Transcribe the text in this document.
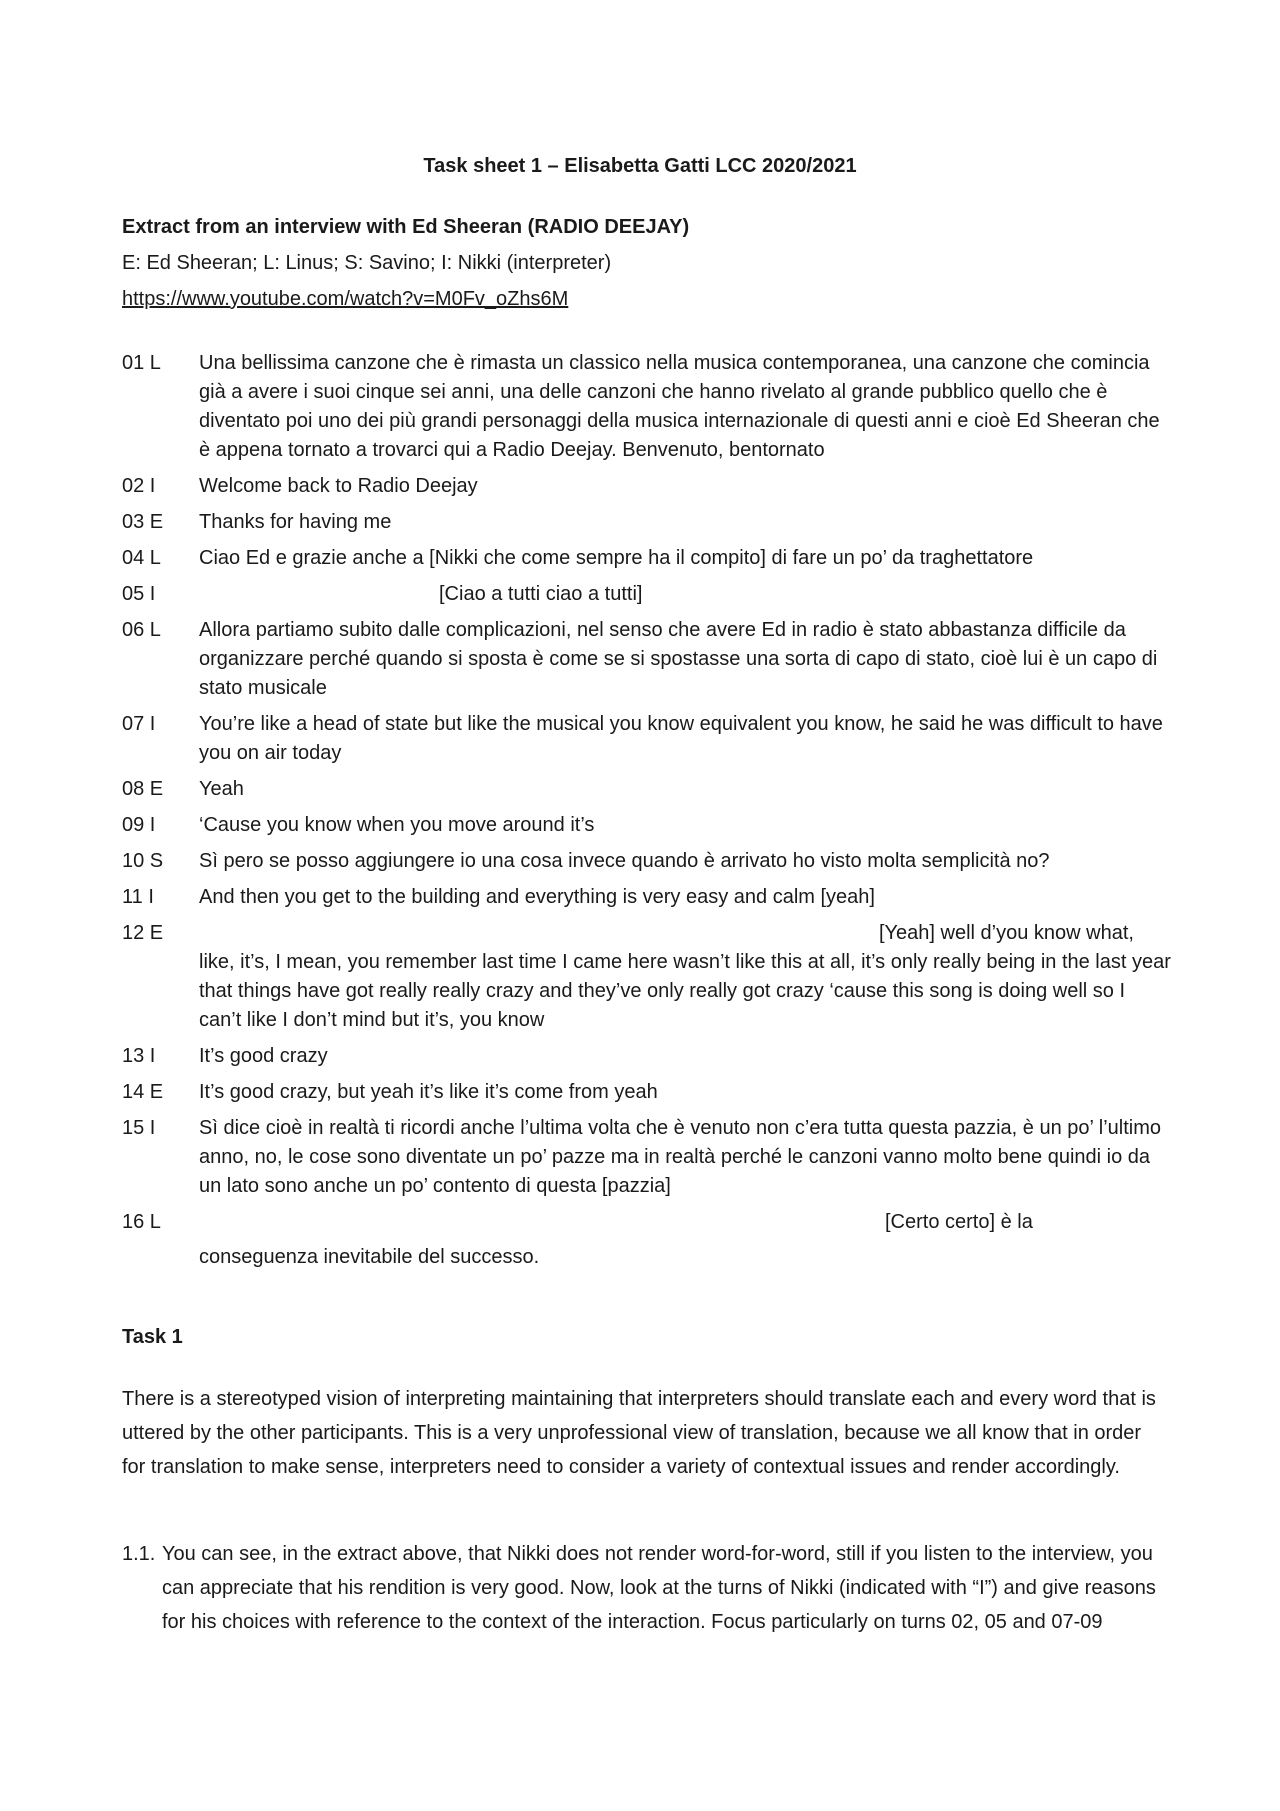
Task sheet 1 – Elisabetta Gatti LCC 2020/2021
Extract from an interview with Ed Sheeran (RADIO DEEJAY)
E: Ed Sheeran; L: Linus; S: Savino; I: Nikki (interpreter)
https://www.youtube.com/watch?v=M0Fv_oZhs6M
01 L	Una bellissima canzone che è rimasta un classico nella musica contemporanea, una canzone che comincia già a avere i suoi cinque sei anni, una delle canzoni che hanno rivelato al grande pubblico quello che è diventato poi uno dei più grandi personaggi della musica internazionale di questi anni e cioè Ed Sheeran che è appena tornato a trovarci qui a Radio Deejay. Benvenuto, bentornato
02 I	Welcome back to Radio Deejay
03 E	Thanks for having me
04 L	Ciao Ed e grazie anche a [Nikki che come sempre ha il compito] di fare un po’ da traghettatore
05 I	[Ciao a tutti ciao a tutti]
06 L	Allora partiamo subito dalle complicazioni, nel senso che avere Ed in radio è stato abbastanza difficile da organizzare perché quando si sposta è come se si spostasse una sorta di capo di stato, cioè lui è un capo di stato musicale
07 I	You’re like a head of state but like the musical you know equivalent you know, he said he was difficult to have you on air today
08 E	Yeah
09 I	‘Cause you know when you move around it’s
10 S	Sì pero se posso aggiungere io una cosa invece quando è arrivato ho visto molta semplicità no?
11 I	And then you get to the building and everything is very easy and calm [yeah]
12 E	[Yeah] well d’you know what,
like, it’s, I mean, you remember last time I came here wasn’t like this at all, it’s only really being in the last year that things have got really really crazy and they’ve only really got crazy ‘cause this song is doing well so I can’t like I don’t mind but it’s, you know
13 I	It’s good crazy
14 E	It’s good crazy, but yeah it’s like it’s come from yeah
15 I	Sì dice cioè in realtà ti ricordi anche l’ultima volta che è venuto non c’era tutta questa pazzia, è un po’ l’ultimo anno, no, le cose sono diventate un po’ pazze ma in realtà perché le canzoni vanno molto bene quindi io da un lato sono anche un po’ contento di questa [pazzia]
16 L	[Certo certo] è la
conseguenza inevitabile del successo.
Task 1
There is a stereotyped vision of interpreting maintaining that interpreters should translate each and every word that is uttered by the other participants. This is a very unprofessional view of translation, because we all know that in order for translation to make sense, interpreters need to consider a variety of contextual issues and render accordingly.
1.1. You can see, in the extract above, that Nikki does not render word-for-word, still if you listen to the interview, you can appreciate that his rendition is very good. Now, look at the turns of Nikki (indicated with “I”) and give reasons for his choices with reference to the context of the interaction. Focus particularly on turns 02, 05 and 07-09
